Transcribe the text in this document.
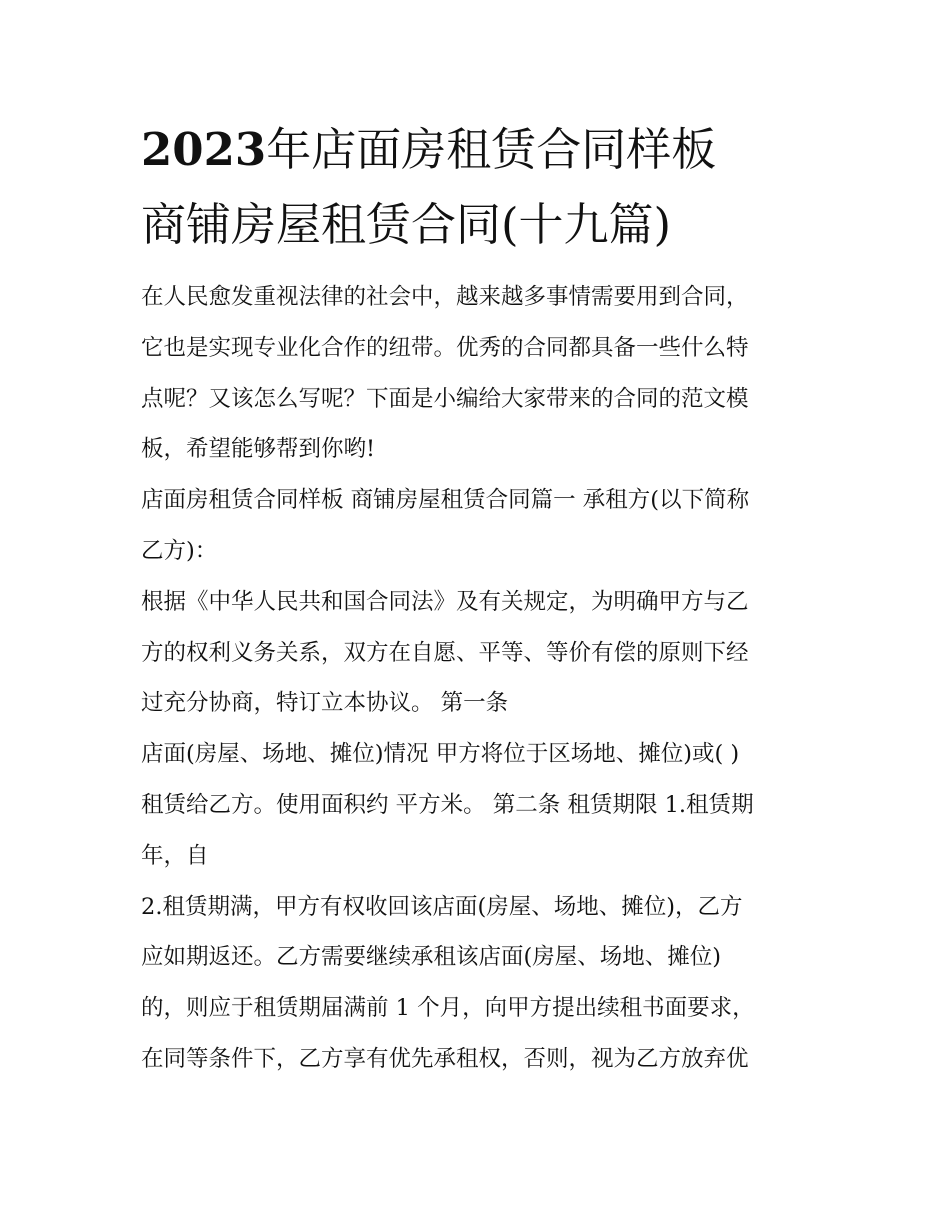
2023年店面房租赁合同样板
商铺房屋租赁合同(十九篇)

在人民愈发重视法律的社会中，越来越多事情需要用到合同，
它也是实现专业化合作的纽带。优秀的合同都具备一些什么特
点呢？又该怎么写呢？下面是小编给大家带来的合同的范文模
板，希望能够帮到你哟!

店面房租赁合同样板 商铺房屋租赁合同篇一 承租方(以下简称
乙方)：

根据《中华人民共和国合同法》及有关规定，为明确甲方与乙
方的权利义务关系，双方在自愿、平等、等价有偿的原则下经
过充分协商，特订立本协议。 第一条

店面(房屋、场地、摊位)情况 甲方将位于区场地、摊位)或( )
租赁给乙方。使用面积约 平方米。 第二条 租赁期限 1.租赁期
年，自

2.租赁期满，甲方有权收回该店面(房屋、场地、摊位)，乙方
应如期返还。乙方需要继续承租该店面(房屋、场地、摊位)
的，则应于租赁期届满前 1 个月，向甲方提出续租书面要求，
在同等条件下，乙方享有优先承租权，否则，视为乙方放弃优
